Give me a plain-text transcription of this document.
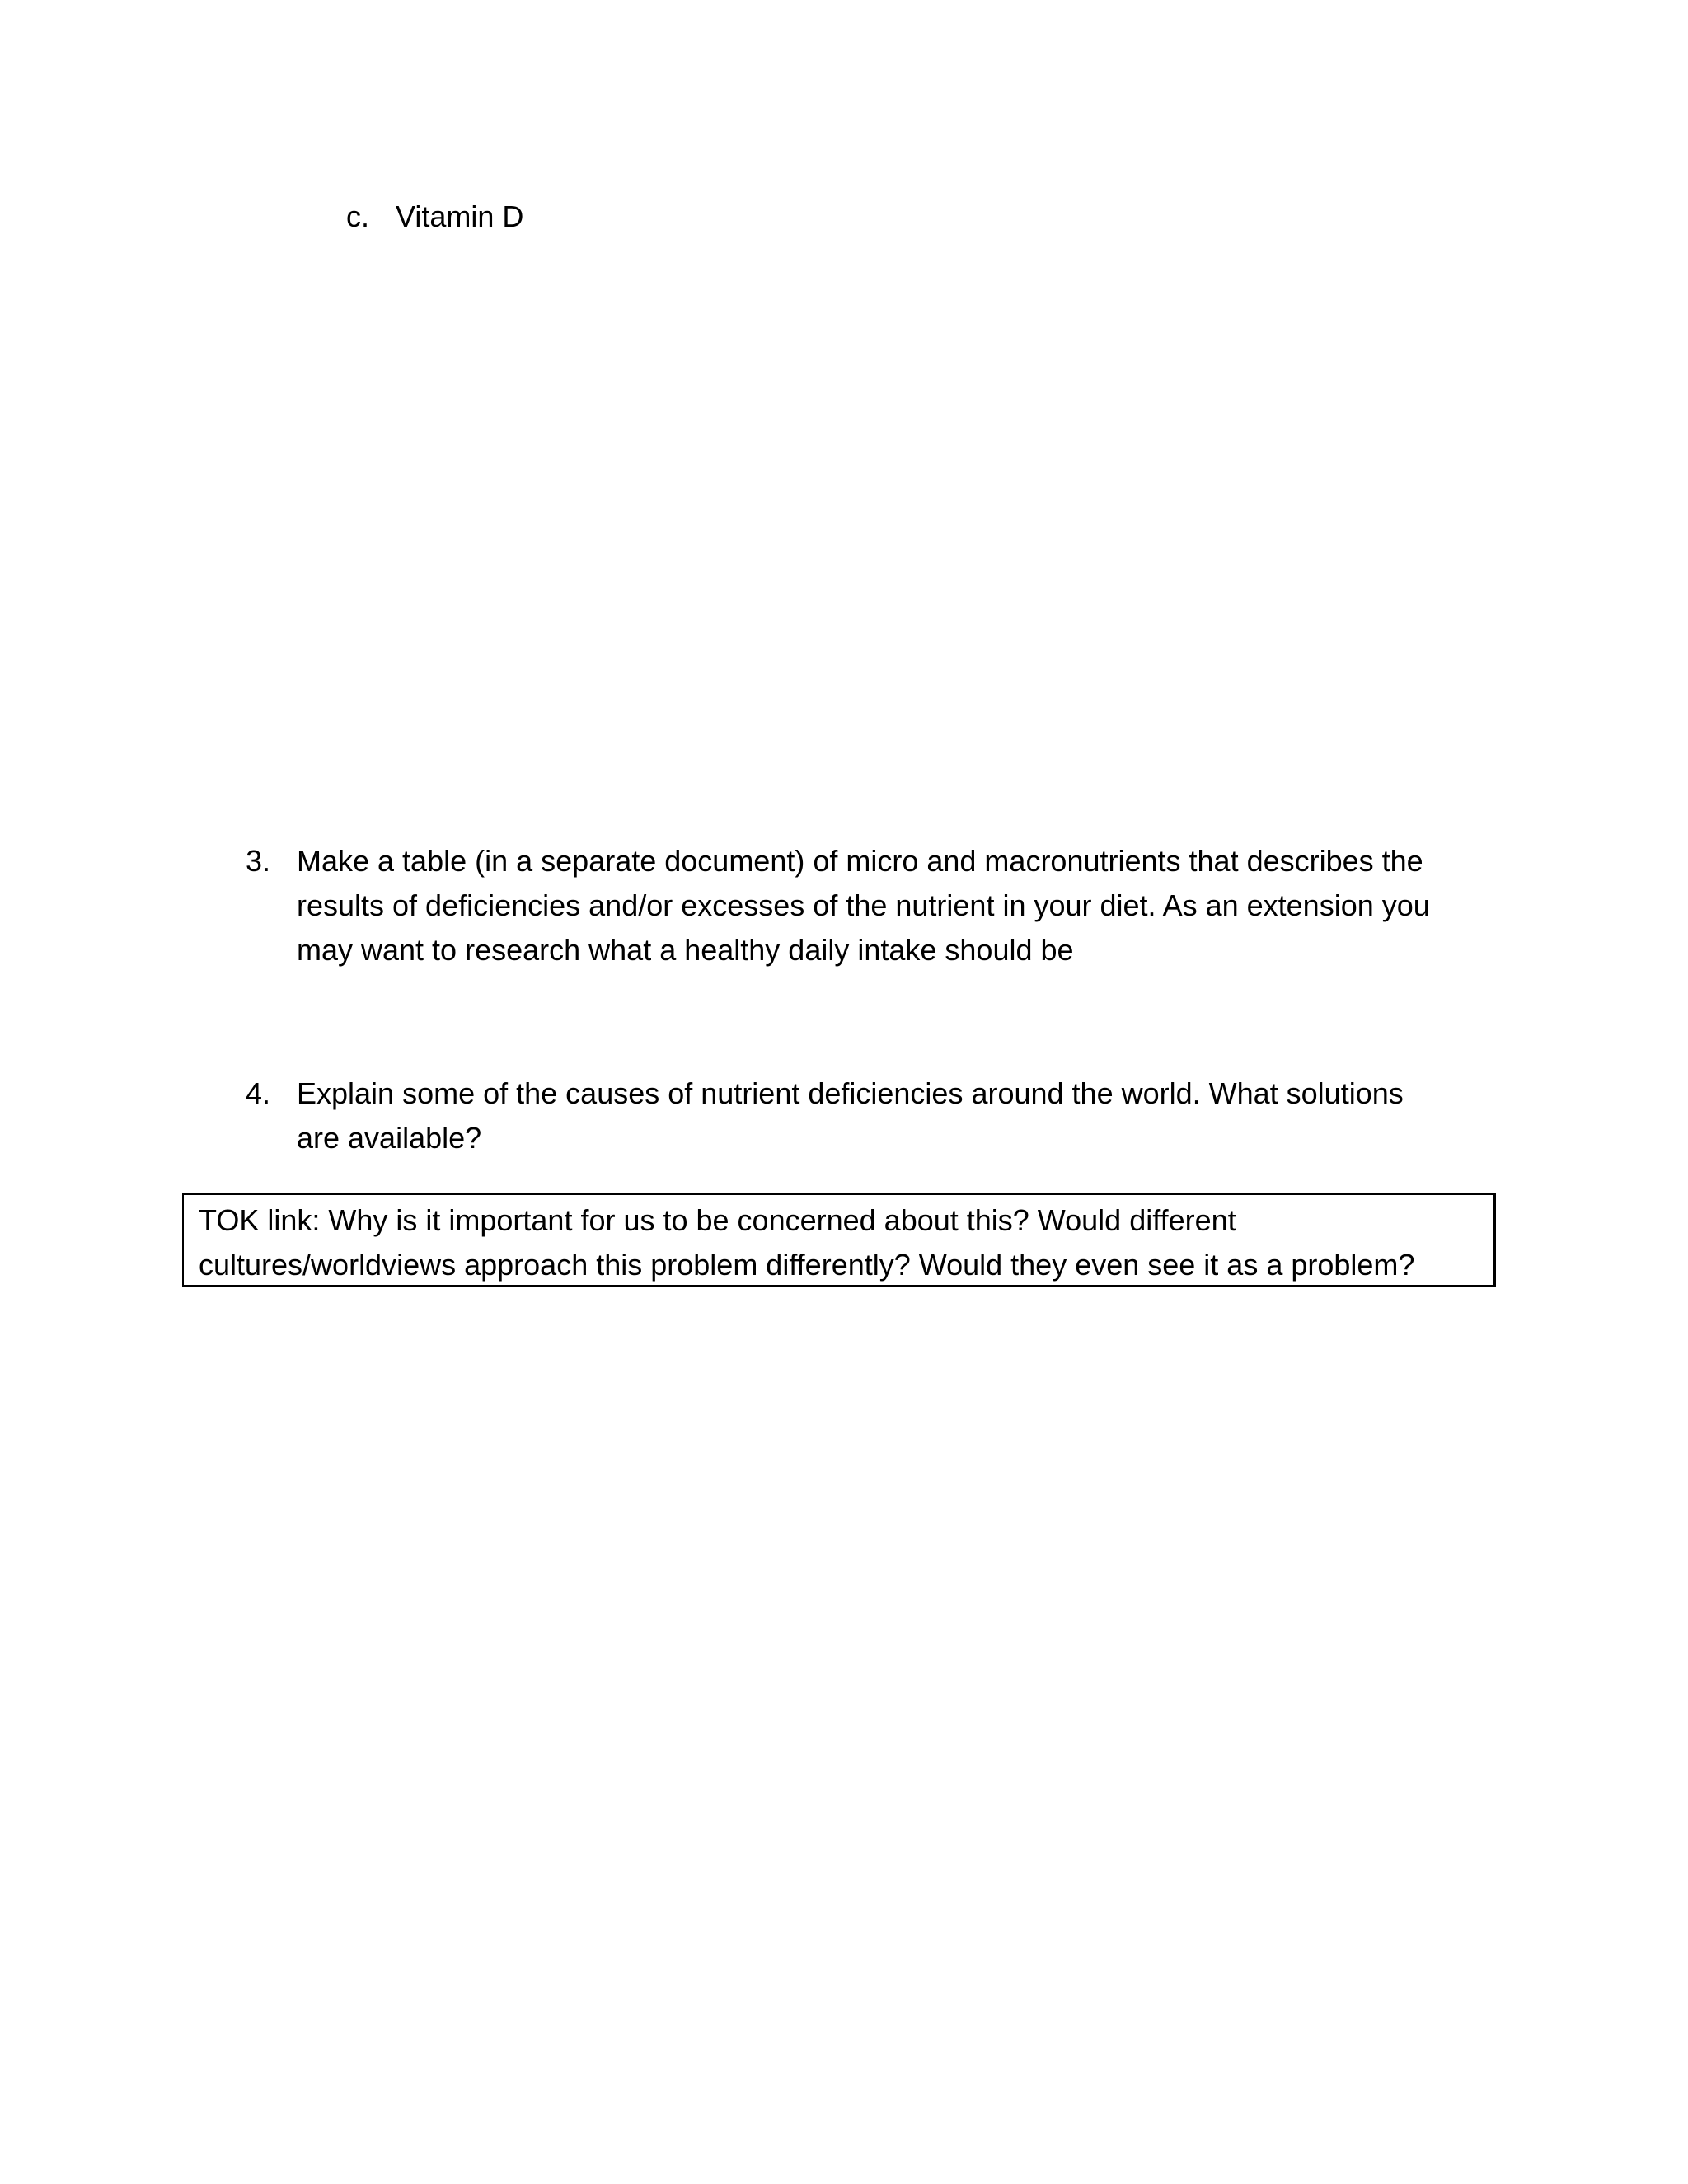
c. Vitamin D
3. Make a table (in a separate document) of micro and macronutrients that describes the results of deficiencies and/or excesses of the nutrient in your diet. As an extension you may want to research what a healthy daily intake should be
4. Explain some of the causes of nutrient deficiencies around the world. What solutions are available?
TOK link: Why is it important for us to be concerned about this? Would different cultures/worldviews approach this problem differently? Would they even see it as a problem?
